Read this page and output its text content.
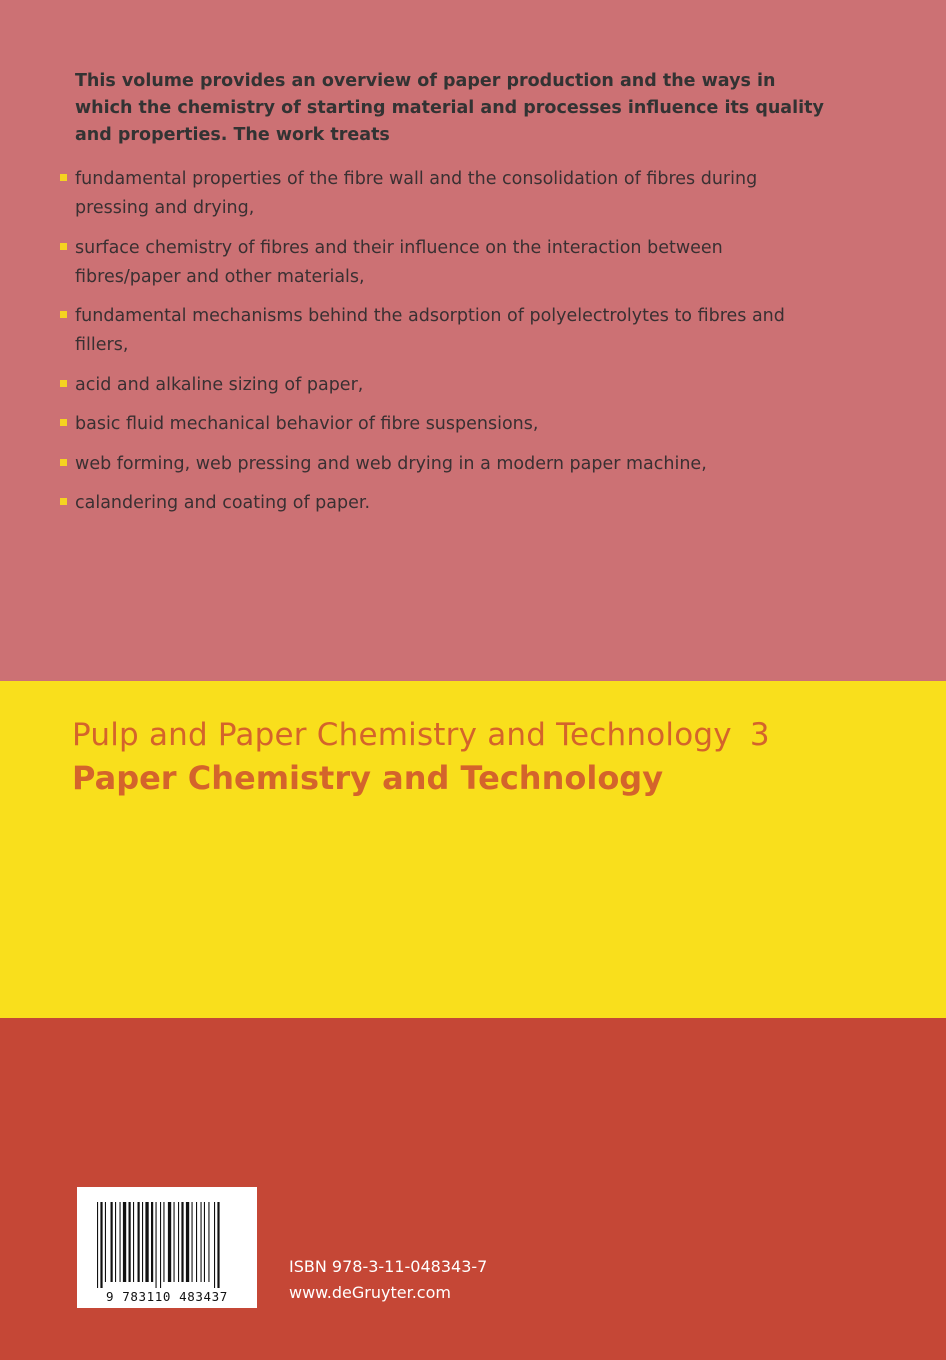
This volume provides an overview of paper production and the ways in which the chemistry of starting material and processes influence its quality and properties. The work treats

fundamental properties of the fibre wall and the consolidation of fibres during pressing and drying,
surface chemistry of fibres and their influence on the interaction between fibres/paper and other materials,
fundamental mechanisms behind the adsorption of polyelectrolytes to fibres and fillers,
acid and alkaline sizing of paper,
basic fluid mechanical behavior of fibre suspensions,
web forming, web pressing and web drying in a modern paper machine,
calandering and coating of paper.
Pulp and Paper Chemistry and Technology 3
Paper Chemistry and Technology
9 783110 483437
ISBN 978-3-11-048343-7
www.deGruyter.com
